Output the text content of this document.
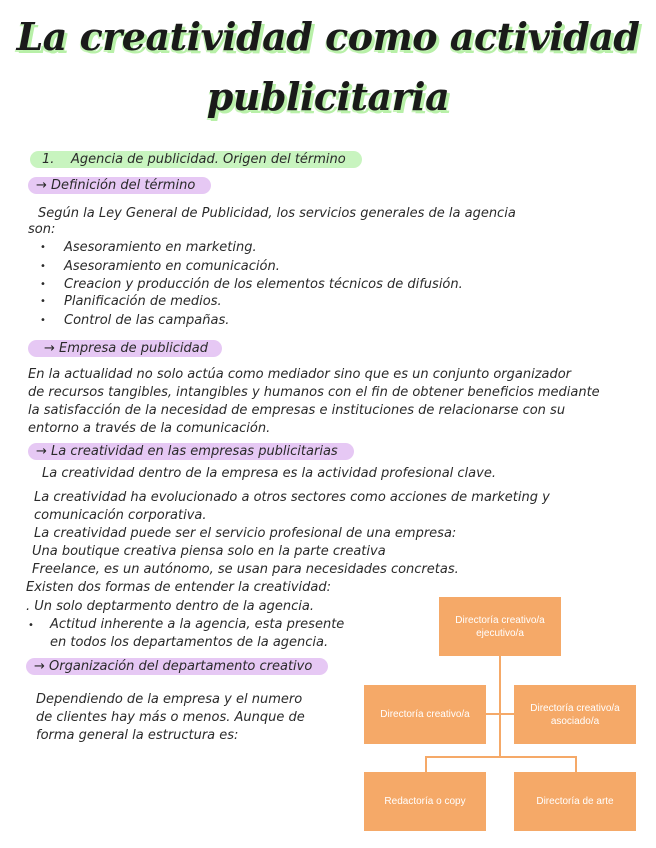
La creatividad como actividad
publicitaria
1. Agencia de publicidad. Origen del término
→ Definición del término
Según la Ley General de Publicidad, los servicios generales de la agencia
son:
• Asesoramiento en marketing.
• Asesoramiento en comunicación.
• Creacion y producción de los elementos técnicos de difusión.
• Planificación de medios.
• Control de las campañas.
→ Empresa de publicidad
En la actualidad no solo actúa como mediador sino que es un conjunto organizador
de recursos tangibles, intangibles y humanos con el fin de obtener beneficios mediante
la satisfacción de la necesidad de empresas e instituciones de relacionarse con su
entorno a través de la comunicación.
→ La creatividad en las empresas publicitarias
La creatividad dentro de la empresa es la actividad profesional clave.
La creatividad ha evolucionado a otros sectores como acciones de marketing y
comunicación corporativa.
La creatividad puede ser el servicio profesional de una empresa:
Una boutique creativa piensa solo en la parte creativa
Freelance, es un autónomo, se usan para necesidades concretas.
Existen dos formas de entender la creatividad:
. Un solo deptarmento dentro de la agencia.
• Actitud inherente a la agencia, esta presente
en todos los departamentos de la agencia.
→ Organización del departamento creativo
Dependiendo de la empresa y el numero
de clientes hay más o menos. Aunque de
forma general la estructura es:
Directoría creativo/a ejecutivo/a
Directoría creativo/a
Directoría creativo/a asociado/a
Redactoría o copy	Directoría de arte
